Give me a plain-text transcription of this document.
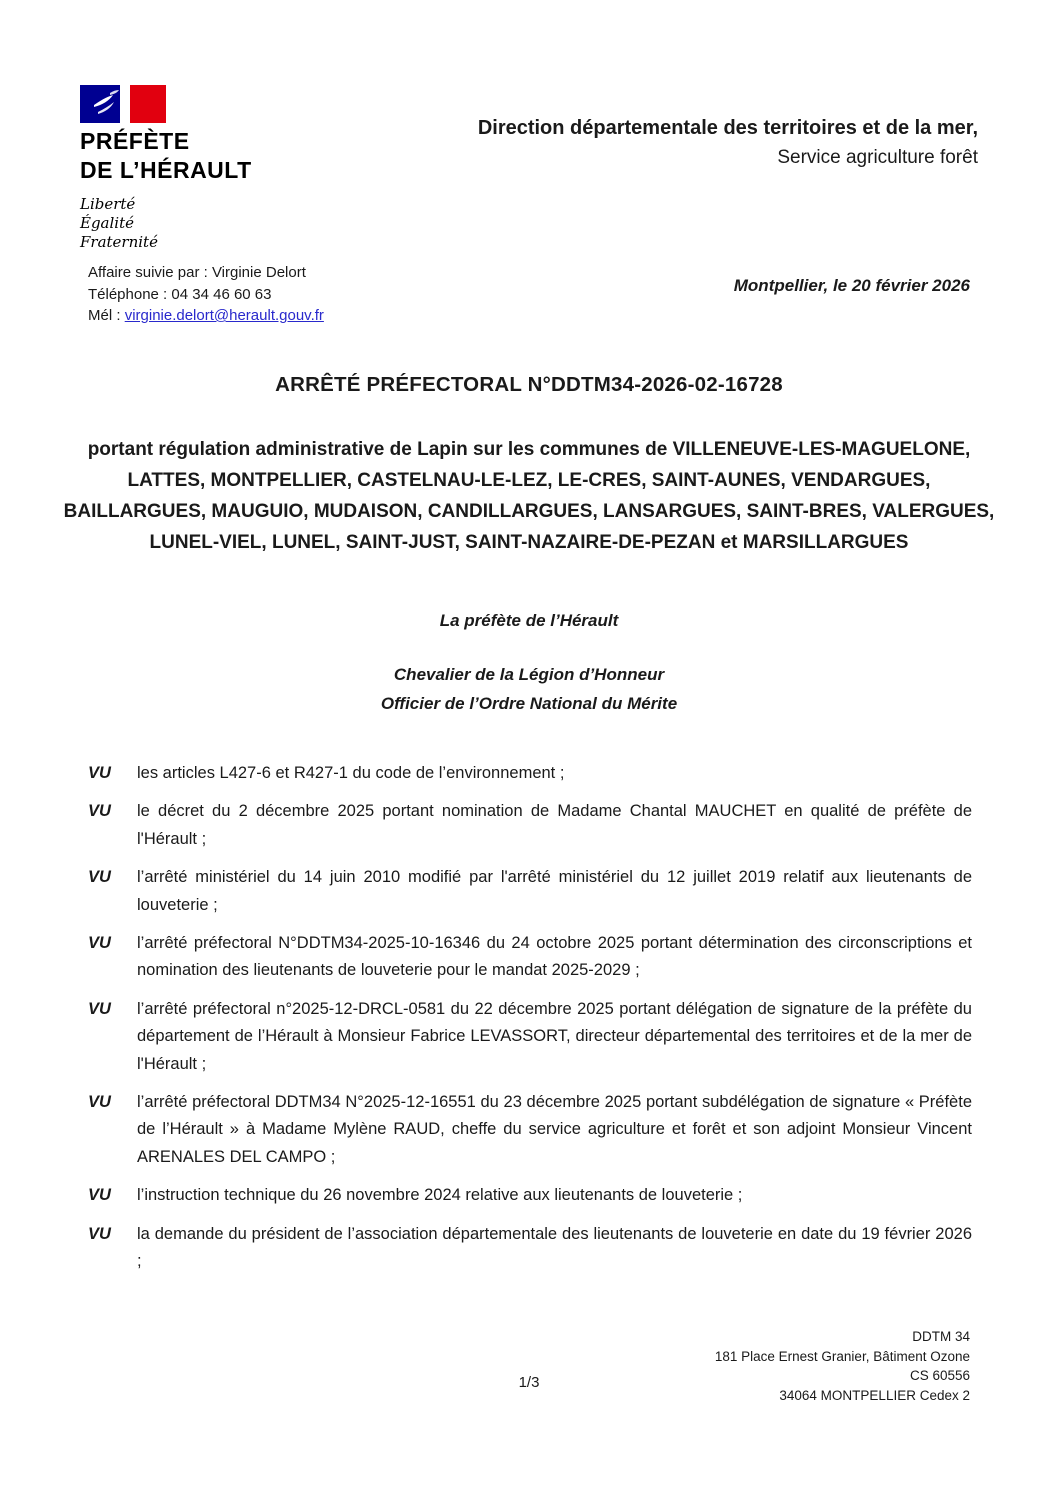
PRÉFÈTE
DE L’HÉRAULT
Liberté
Égalité
Fraternité
Direction départementale des territoires et de la mer,
Service agriculture forêt
Affaire suivie par : Virginie Delort
Téléphone : 04 34 46 60 63
Mél : virginie.delort@herault.gouv.fr
Montpellier, le 20 février 2026
ARRÊTÉ PRÉFECTORAL N°DDTM34-2026-02-16728
portant régulation administrative de Lapin sur les communes de VILLENEUVE-LES-MAGUELONE, LATTES, MONTPELLIER, CASTELNAU-LE-LEZ, LE-CRES, SAINT-AUNES, VENDARGUES, BAILLARGUES, MAUGUIO, MUDAISON, CANDILLARGUES, LANSARGUES, SAINT-BRES, VALERGUES, LUNEL-VIEL, LUNEL, SAINT-JUST, SAINT-NAZAIRE-DE-PEZAN et MARSILLARGUES
La préfète de l’Hérault
Chevalier de la Légion d’Honneur
Officier de l’Ordre National du Mérite
VU	les articles L427-6 et R427-1 du code de l’environnement ;
VU	le décret du 2 décembre 2025 portant nomination de Madame Chantal MAUCHET en qualité de préfète de l'Hérault ;
VU	l’arrêté ministériel du 14 juin 2010 modifié par l'arrêté ministériel du 12 juillet 2019 relatif aux lieutenants de louveterie ;
VU	l’arrêté préfectoral N°DDTM34-2025-10-16346 du 24 octobre 2025 portant détermination des circonscriptions et nomination des lieutenants de louveterie pour le mandat 2025-2029 ;
VU	l’arrêté préfectoral n°2025-12-DRCL-0581 du 22 décembre 2025 portant délégation de signature de la préfète du département de l’Hérault à Monsieur Fabrice LEVASSORT, directeur départemental des territoires et de la mer de l'Hérault ;
VU	l’arrêté préfectoral DDTM34 N°2025-12-16551 du 23 décembre 2025 portant subdélégation de signature « Préfète de l’Hérault » à Madame Mylène RAUD, cheffe du service agriculture et forêt et son adjoint Monsieur Vincent ARENALES DEL CAMPO ;
VU	l’instruction technique du 26 novembre 2024 relative aux lieutenants de louveterie ;
VU	la demande du président de l’association départementale des lieutenants de louveterie en date du 19 février 2026 ;
DDTM 34
181 Place Ernest Granier, Bâtiment Ozone
CS 60556
34064 MONTPELLIER Cedex 2
1/3
